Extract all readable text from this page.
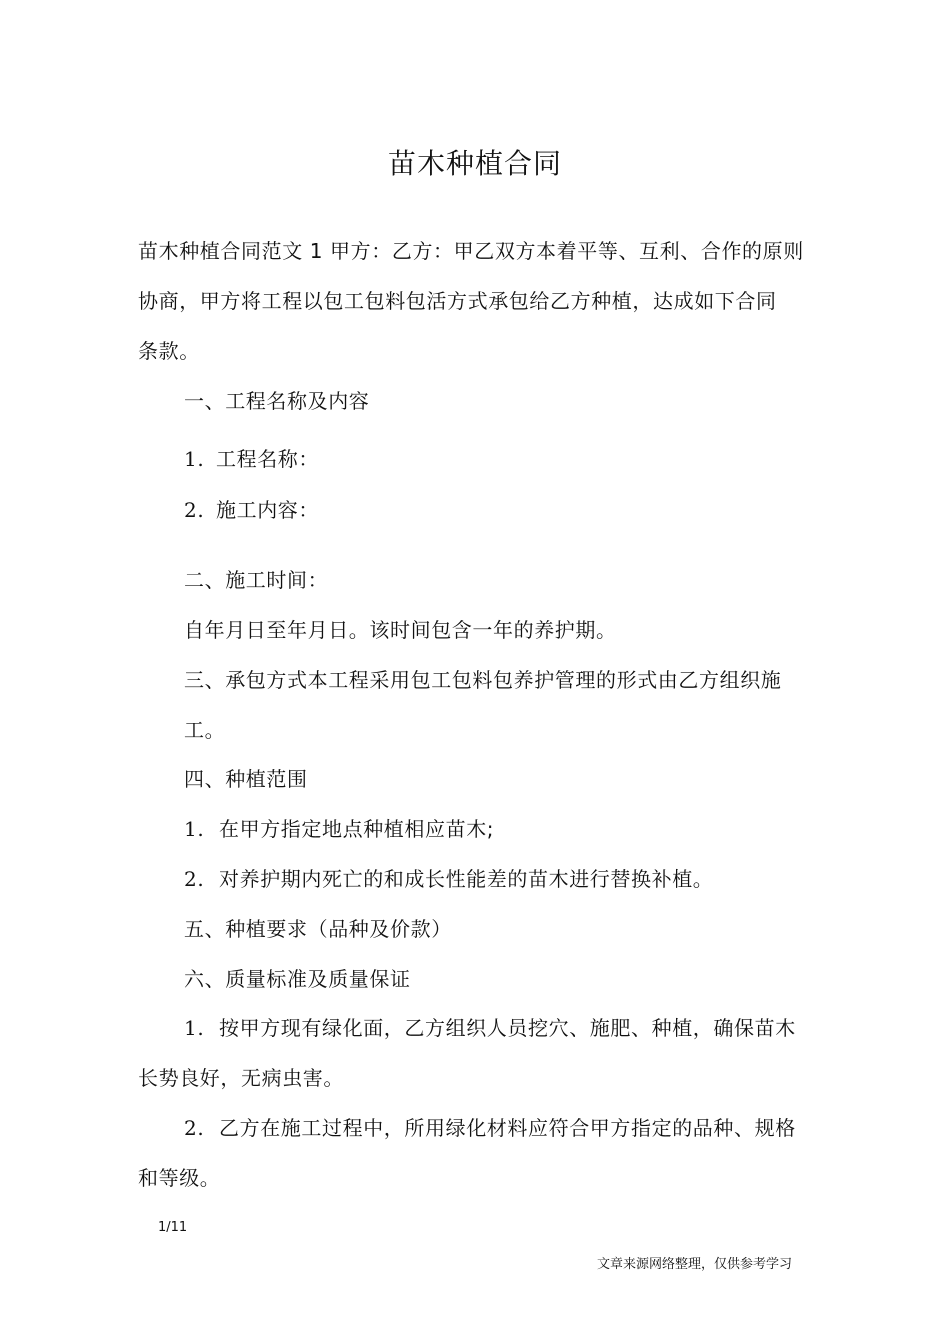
苗木种植合同
苗木种植合同范文 1 甲方：乙方：甲乙双方本着平等、互利、合作的原则
协商，甲方将工程以包工包料包活方式承包给乙方种植，达成如下合同
条款。
一、工程名称及内容
1. 工程名称：
2. 施工内容：
二、施工时间：
自年月日至年月日。该时间包含一年的养护期。
三、承包方式本工程采用包工包料包养护管理的形式由乙方组织施
工。
四、种植范围
1. 在甲方指定地点种植相应苗木;
2. 对养护期内死亡的和成长性能差的苗木进行替换补植。
五、种植要求（品种及价款）
六、质量标准及质量保证
1. 按甲方现有绿化面，乙方组织人员挖穴、施肥、种植，确保苗木
长势良好，无病虫害。
2. 乙方在施工过程中，所用绿化材料应符合甲方指定的品种、规格
和等级。
1/11
文章来源网络整理，仅供参考学习
